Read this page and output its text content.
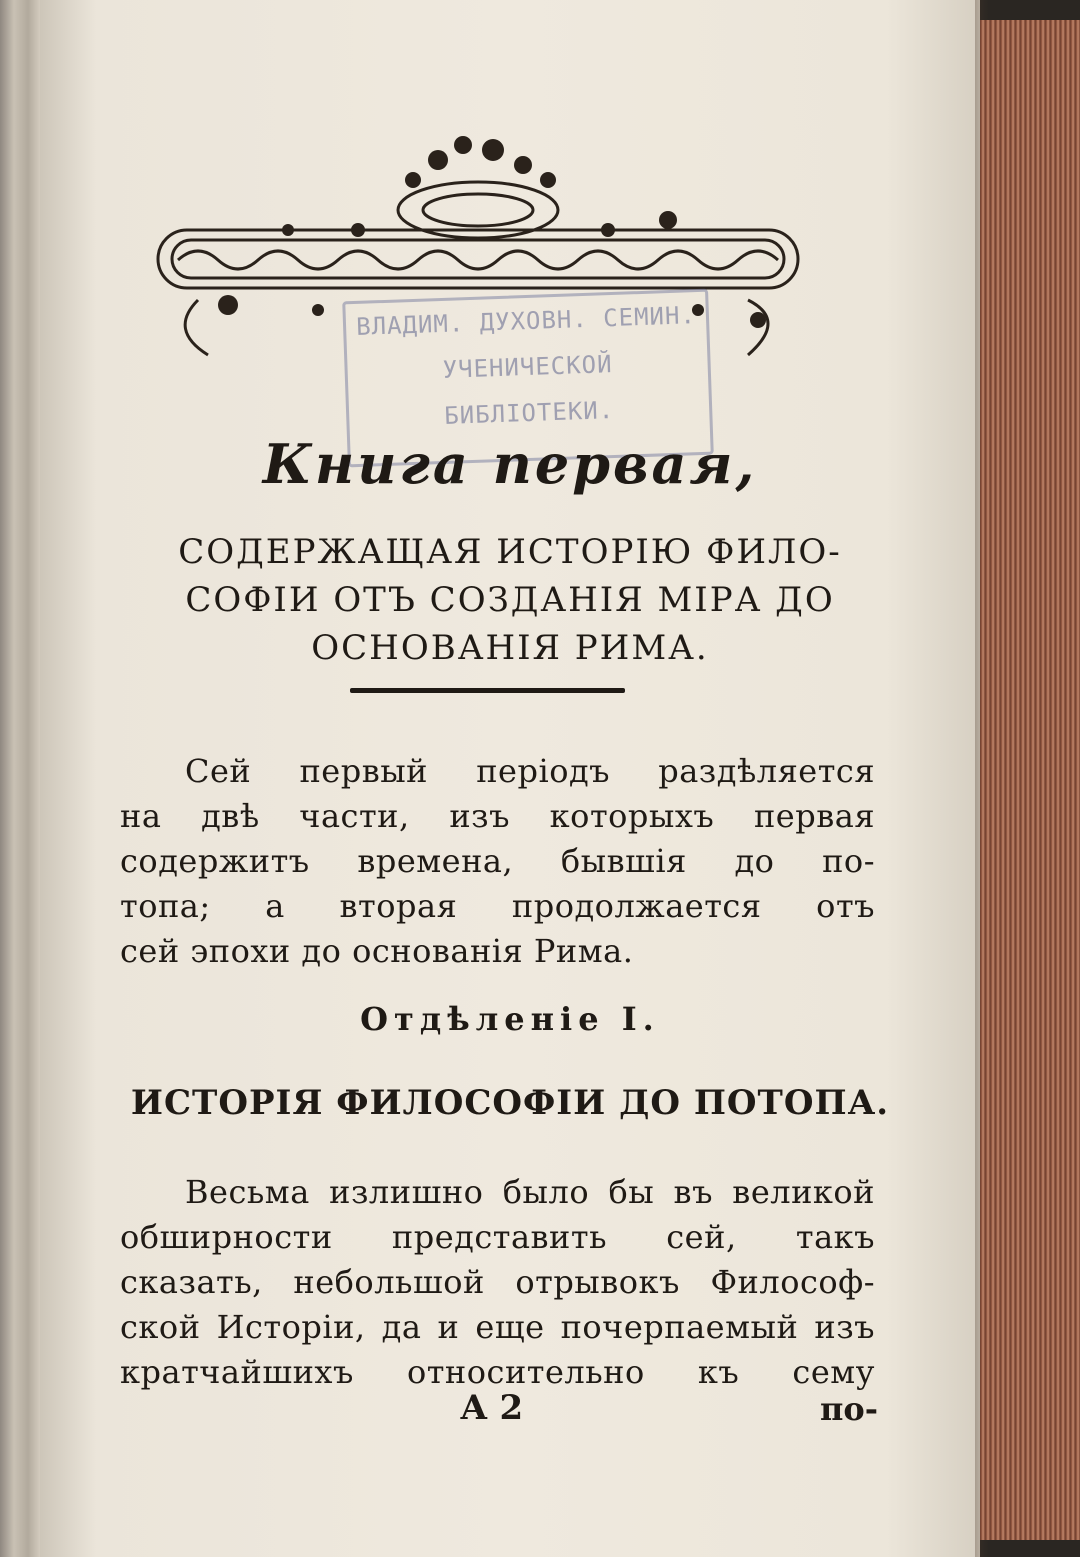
ВЛАДИМ. ДУХОВН. СЕМИН.
УЧЕНИЧЕСКОЙ
БИБЛІОТЕКИ.
Книга первая,
СОДЕРЖАЩАЯ ИСТОРІЮ ФИЛО-
СОФІИ ОТЪ СОЗДАНІЯ МІРА ДО
ОСНОВАНІЯ РИМА.
Сей первый періодъ раздѣляется
на двѣ части, изъ которыхъ первая
содержитъ времена, бывшія до по-
топа; а вторая продолжается отъ
сей эпохи до основанія Рима.
Отдѣленіе I.
ИСТОРІЯ ФИЛОСОФІИ ДО ПОТОПА.
Весьма излишно было бы въ великой
обширности представить сей, такъ
сказать, небольшой отрывокъ Философ-
ской Исторіи, да и еще почерпаемый изъ
кратчайшихъ относительно къ сему
А 2	по-
